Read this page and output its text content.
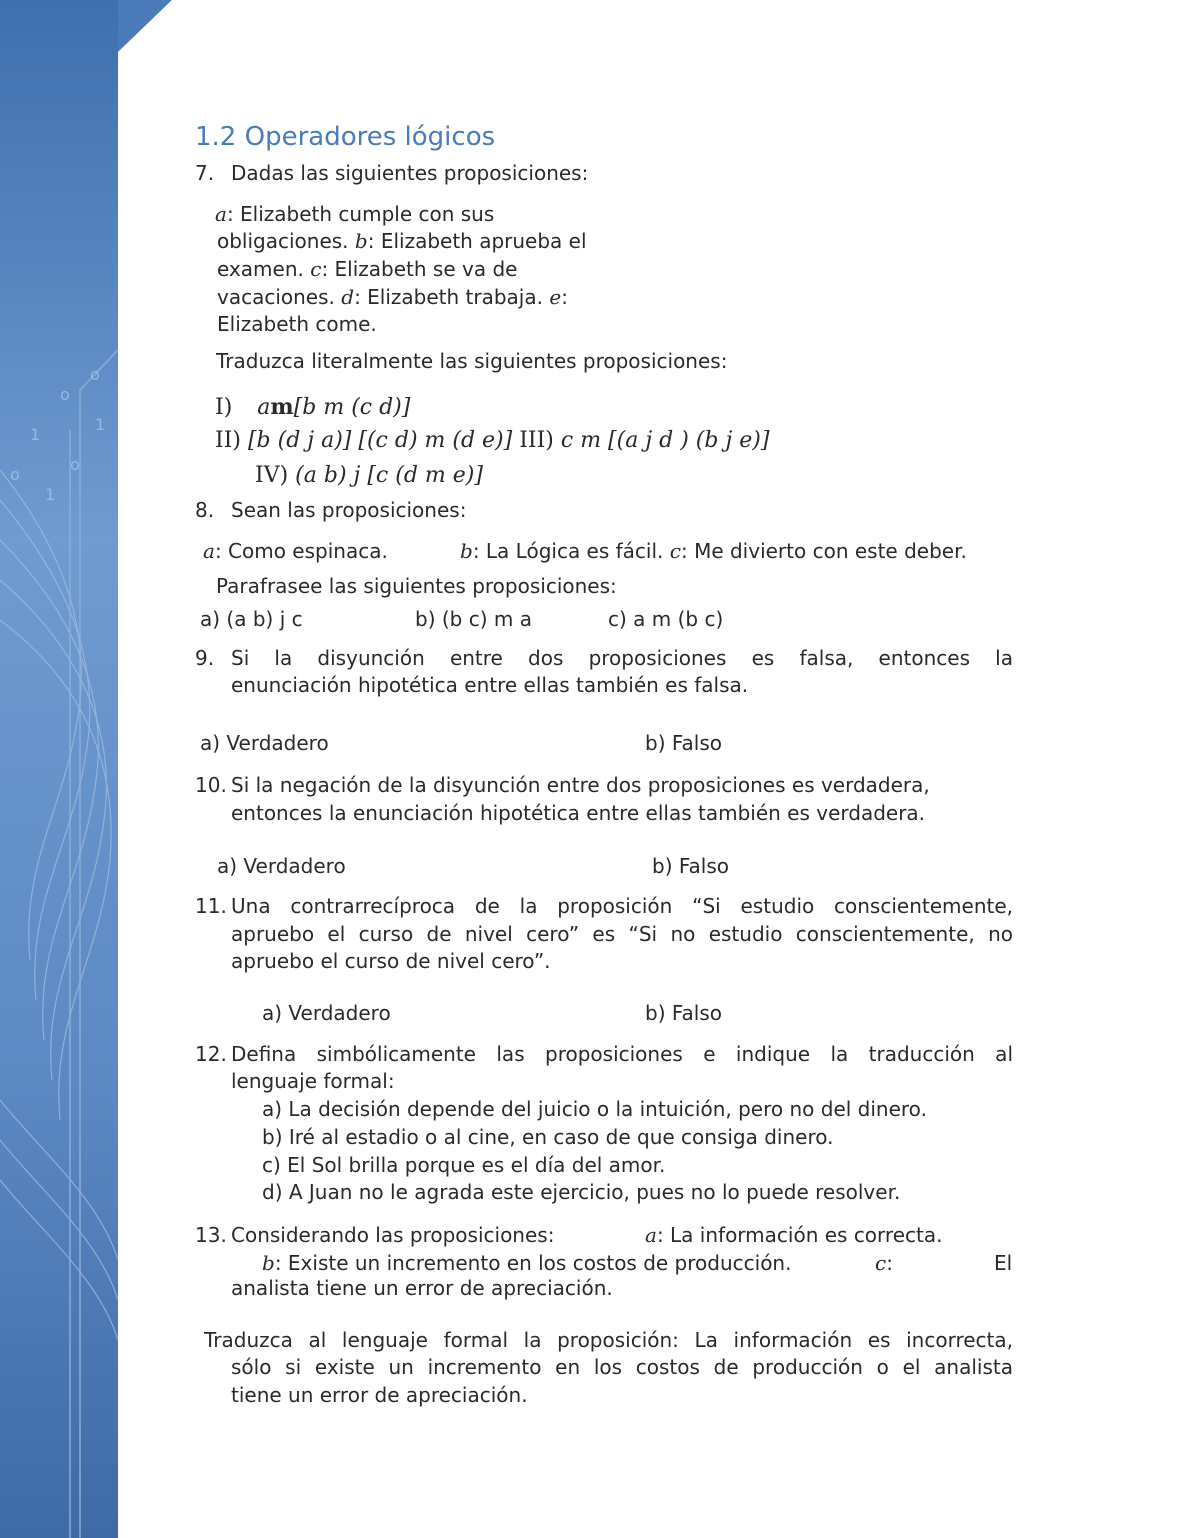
o
o
1
o
1
o
1
1.2 Operadores lógicos
7. Dadas las siguientes proposiciones:
a: Elizabeth cumple con sus
obligaciones. b: Elizabeth aprueba el
examen. c: Elizabeth se va de
vacaciones. d: Elizabeth trabaja. e:
Elizabeth come.
Traduzca literalmente las siguientes proposiciones:
I) am[b m (c d)]
II) [b (d j a)] [(c d) m (d e)] III) c m [(a j d ) (b j e)]
IV) (a b) j [c (d m e)]
8. Sean las proposiciones:
a: Como espinaca.	b: La Lógica es fácil. c: Me divierto con este deber.
Parafrasee las siguientes proposiciones:
a) (a b) j c	b) (b c) m a	c) a m (b c)
9. Si la disyunción entre dos proposiciones es falsa, entonces la
enunciación hipotética entre ellas también es falsa.
a) Verdadero	b) Falso
10. Si la negación de la disyunción entre dos proposiciones es verdadera,
entonces la enunciación hipotética entre ellas también es verdadera.
a) Verdadero	b) Falso
11. Una contrarrecíproca de la proposición “Si estudio conscientemente,
apruebo el curso de nivel cero” es “Si no estudio conscientemente, no
apruebo el curso de nivel cero”.
a) Verdadero	b) Falso
12. Defina simbólicamente las proposiciones e indique la traducción al
lenguaje formal:
a) La decisión depende del juicio o la intuición, pero no del dinero.
b) Iré al estadio o al cine, en caso de que consiga dinero.
c) El Sol brilla porque es el día del amor.
d) A Juan no le agrada este ejercicio, pues no lo puede resolver.
13. Considerando las proposiciones:	a: La información es correcta.
b: Existe un incremento en los costos de producción.	c:	El
analista tiene un error de apreciación.
Traduzca al lenguaje formal la proposición: La información es incorrecta,
sólo si existe un incremento en los costos de producción o el analista
tiene un error de apreciación.
